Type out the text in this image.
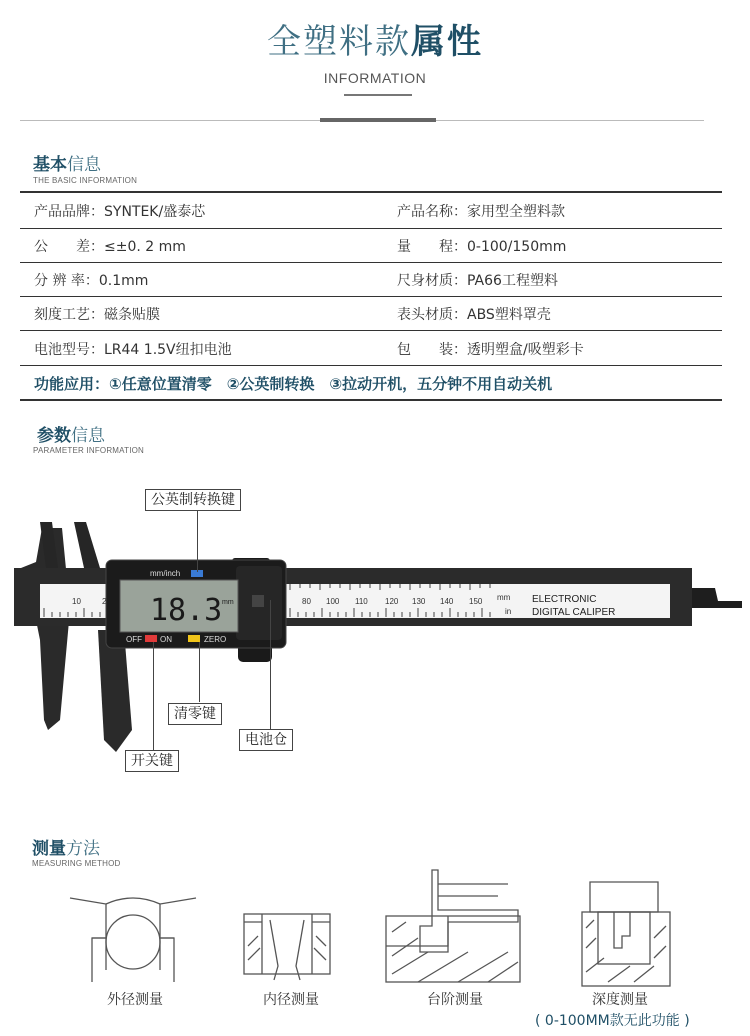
全塑料款属性
INFORMATION
基本信息
THE BASIC INFORMATION
产品品牌：SYNTEK/盛泰芯	产品名称：家用型全塑料款
公　　差：≤±0. 2 mm	量　　程：0-100/150mm
分 辨 率：0.1mm	尺身材质：PA66工程塑料
刻度工艺：磁条贴膜	表头材质：ABS塑料罩壳
电池型号：LR44 1.5V纽扣电池	包　　装：透明塑盒/吸塑彩卡
功能应用：①任意位置清零　②公英制转换　③拉动开机，五分钟不用自动关机
参数信息
PARAMETER INFORMATION
10	2	80 100 110 120 130 140 150 mm
in
ELECTRONIC
DIGITAL CALIPER
18.3 mm
mm/inch
OFF ON	ZERO
公英制转换键
清零键
电池仓
开关键
测量方法
MEASURING METHOD
外径测量	内径测量	台阶测量	深度测量
( 0-100MM款无此功能 )
